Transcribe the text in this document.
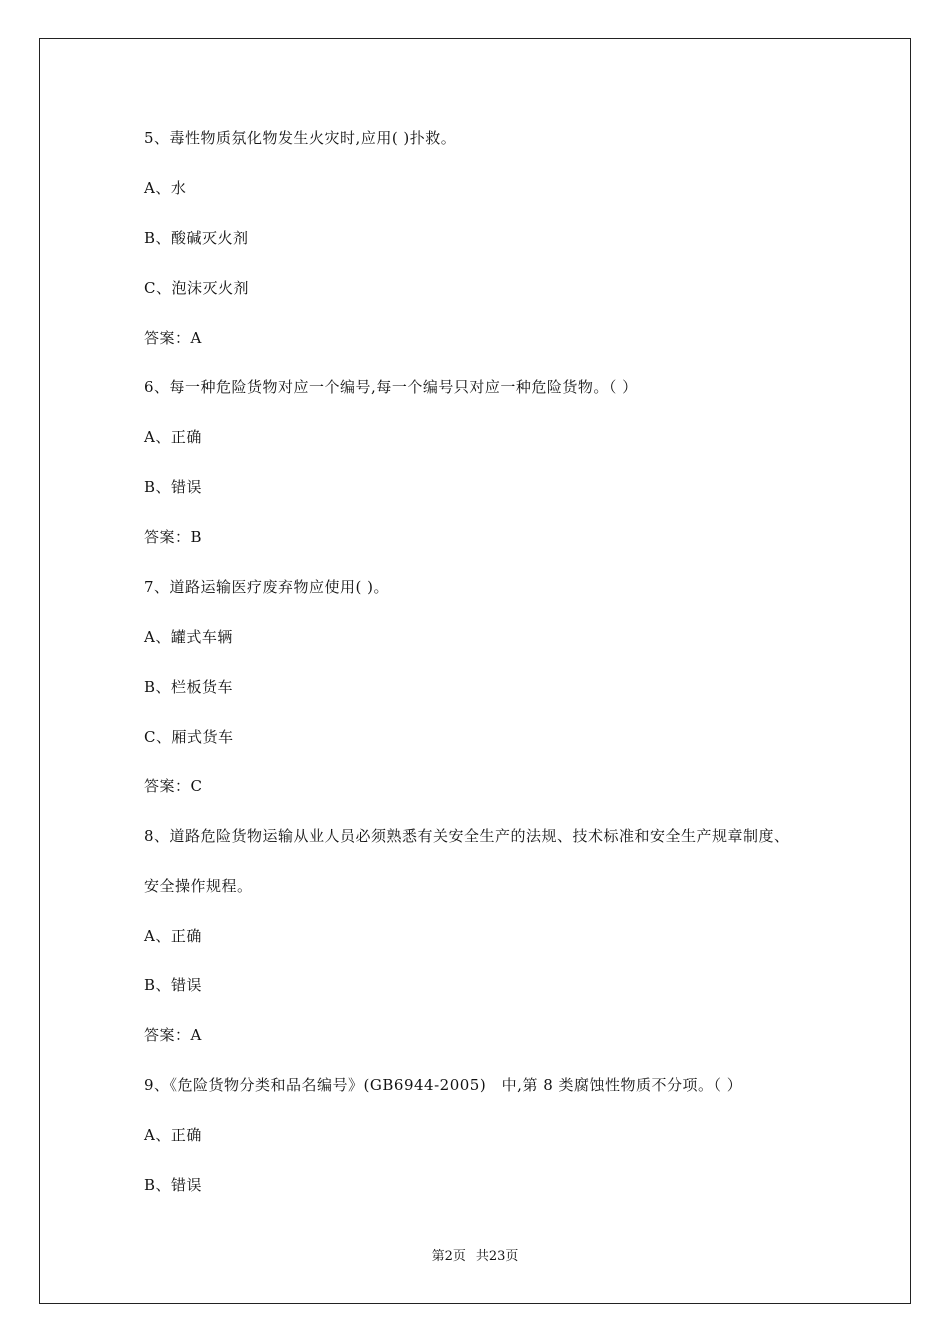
5、毒性物质氛化物发生火灾时,应用( )扑救。
A、水
B、酸碱灭火剂
C、泡沫灭火剂
答案：A
6、每一种危险货物对应一个编号,每一个编号只对应一种危险货物。（ ）
A、正确
B、错误
答案：B
7、道路运输医疗废弃物应使用( )。
A、罐式车辆
B、栏板货车
C、厢式货车
答案：C
8、道路危险货物运输从业人员必须熟悉有关安全生产的法规、技术标准和安全生产规章制度、
安全操作规程。
A、正确
B、错误
答案：A
9、《危险货物分类和品名编号》(GB6944-2005)　中,第 8 类腐蚀性物质不分项。（ ）
A、正确
B、错误
第2页 共23页
